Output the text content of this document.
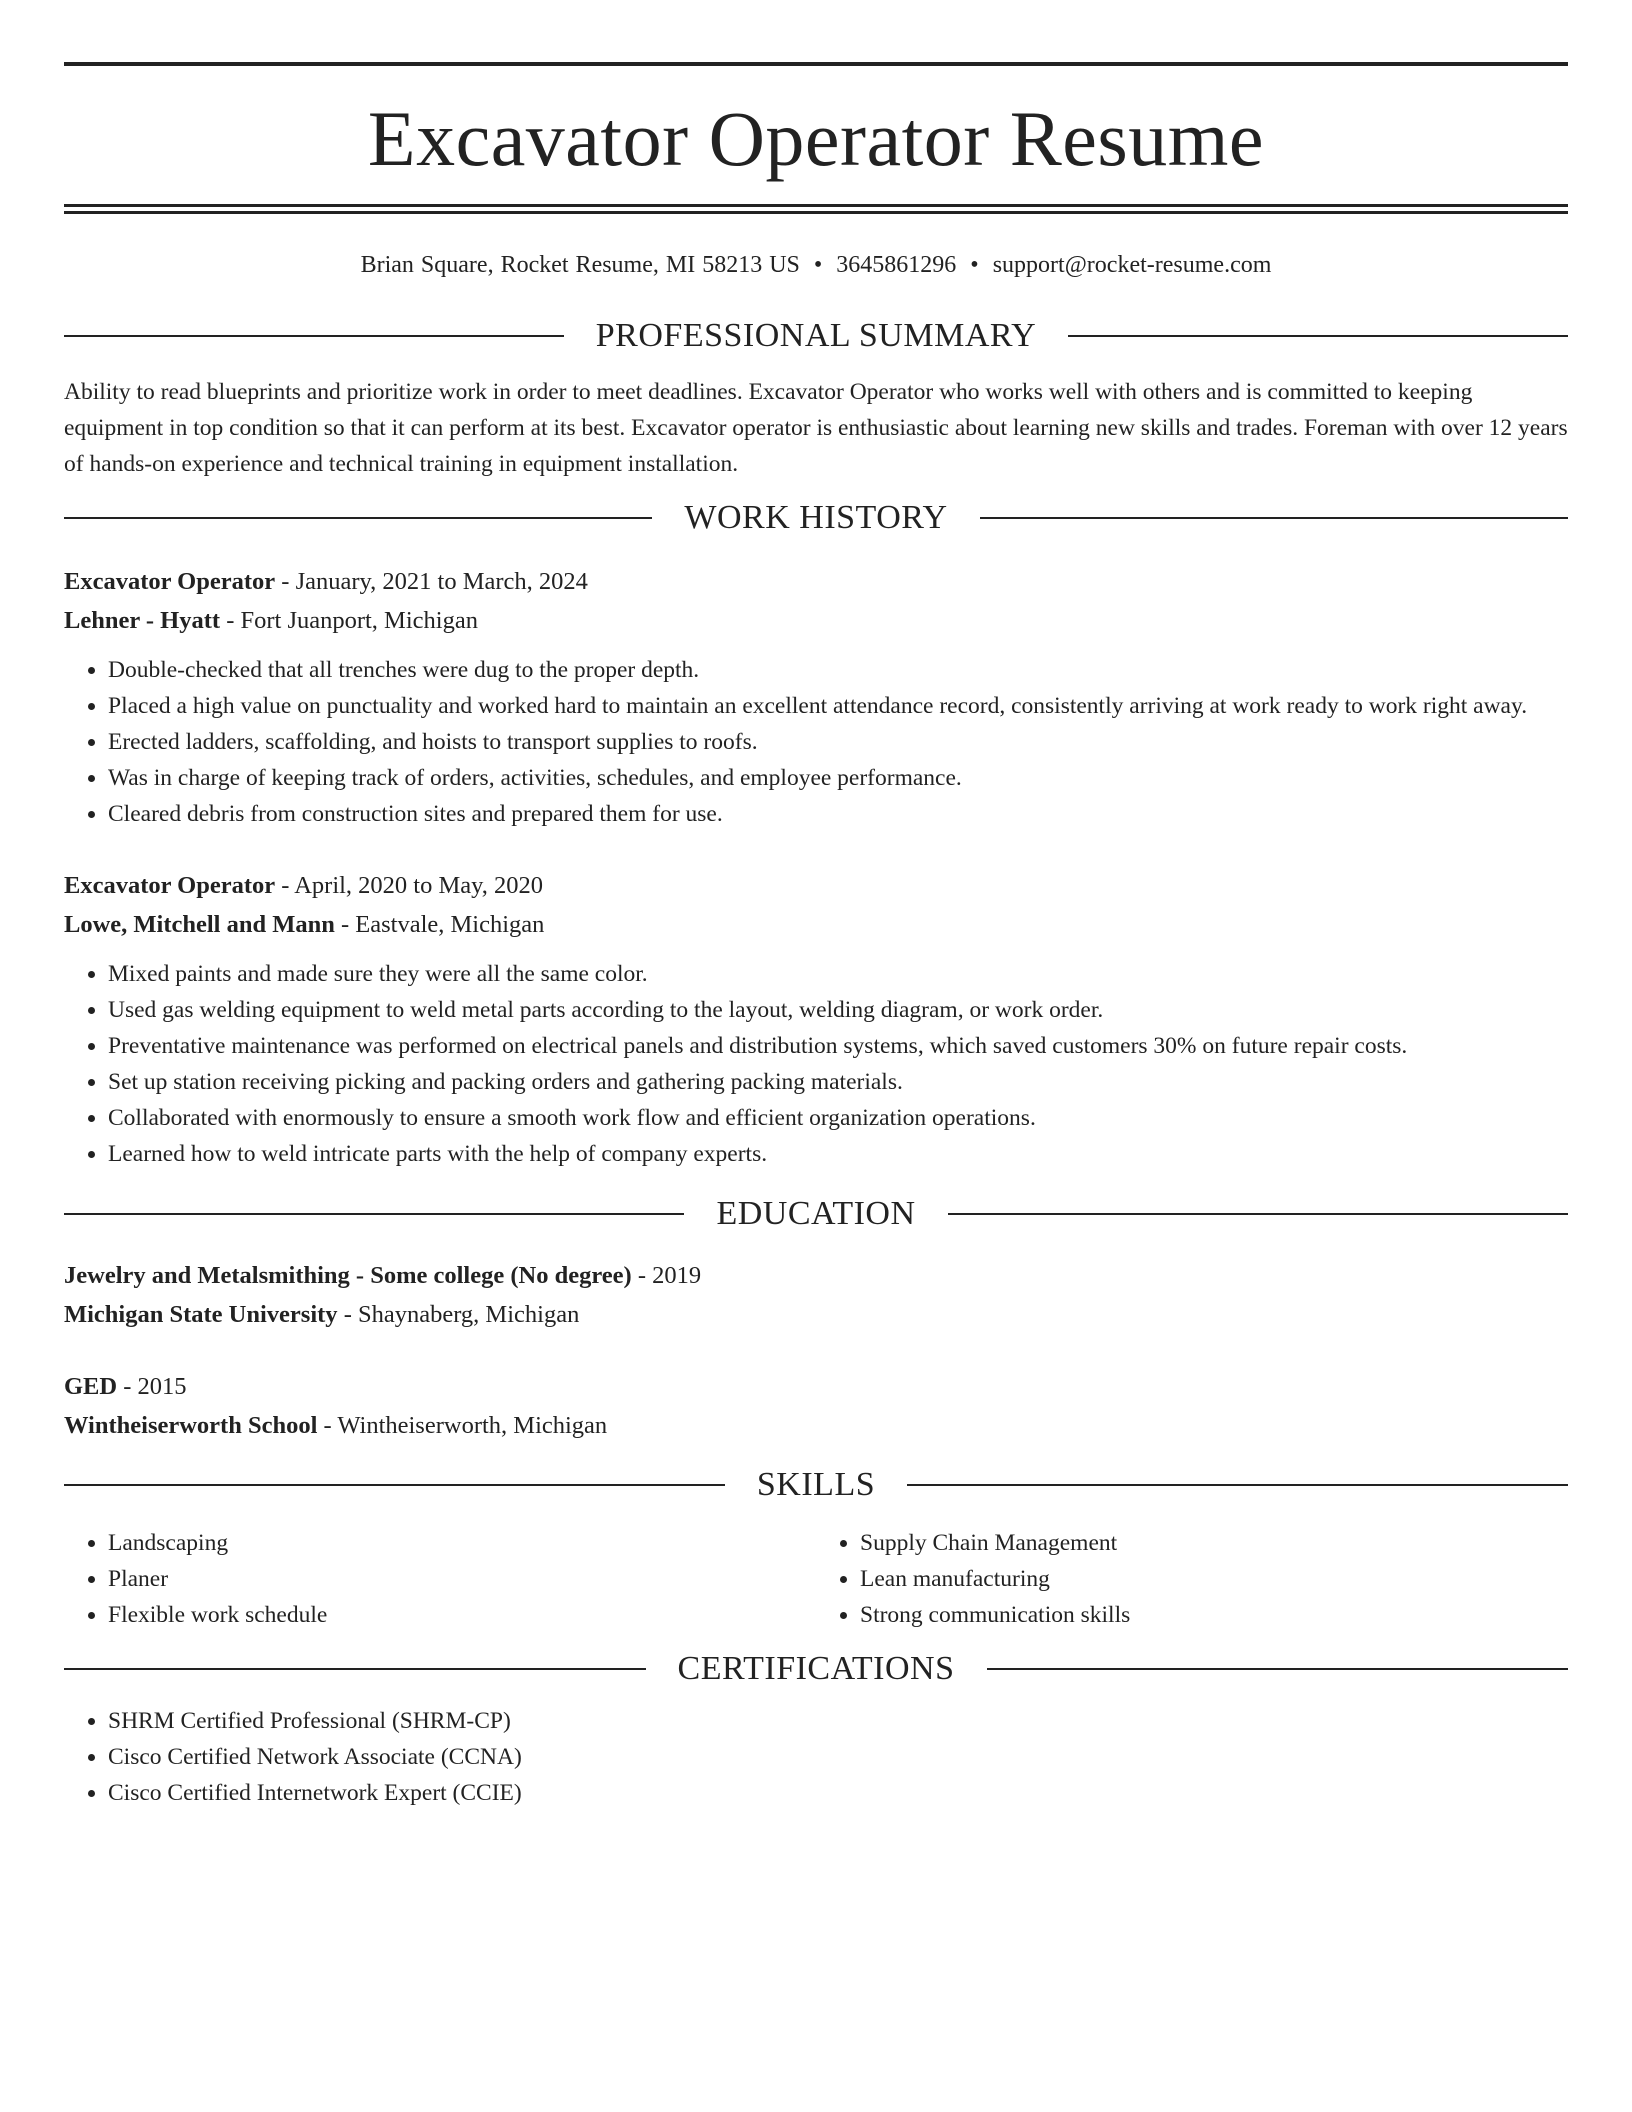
Excavator Operator Resume
Brian Square, Rocket Resume, MI 58213 US • 3645861296 • support@rocket-resume.com
PROFESSIONAL SUMMARY

Ability to read blueprints and prioritize work in order to meet deadlines. Excavator Operator who works well with others and is committed to keeping equipment in top condition so that it can perform at its best. Excavator operator is enthusiastic about learning new skills and trades. Foreman with over 12 years of hands-on experience and technical training in equipment installation.

WORK HISTORY
Excavator Operator - January, 2021 to March, 2024
Lehner - Hyatt - Fort Juanport, Michigan
• Double-checked that all trenches were dug to the proper depth.
• Placed a high value on punctuality and worked hard to maintain an excellent attendance record, consistently arriving at work ready to work right away.
• Erected ladders, scaffolding, and hoists to transport supplies to roofs.
• Was in charge of keeping track of orders, activities, schedules, and employee performance.
• Cleared debris from construction sites and prepared them for use.
Excavator Operator - April, 2020 to May, 2020
Lowe, Mitchell and Mann - Eastvale, Michigan
• Mixed paints and made sure they were all the same color.
• Used gas welding equipment to weld metal parts according to the layout, welding diagram, or work order.
• Preventative maintenance was performed on electrical panels and distribution systems, which saved customers 30% on future repair costs.
• Set up station receiving picking and packing orders and gathering packing materials.
• Collaborated with enormously to ensure a smooth work flow and efficient organization operations.
• Learned how to weld intricate parts with the help of company experts.
EDUCATION
Jewelry and Metalsmithing - Some college (No degree) - 2019
Michigan State University - Shaynaberg, Michigan
GED - 2015
Wintheiserworth School - Wintheiserworth, Michigan
SKILLS
• Landscaping
• Planer
• Flexible work schedule
• Supply Chain Management
• Lean manufacturing
• Strong communication skills
CERTIFICATIONS
• SHRM Certified Professional (SHRM-CP)
• Cisco Certified Network Associate (CCNA)
• Cisco Certified Internetwork Expert (CCIE)
